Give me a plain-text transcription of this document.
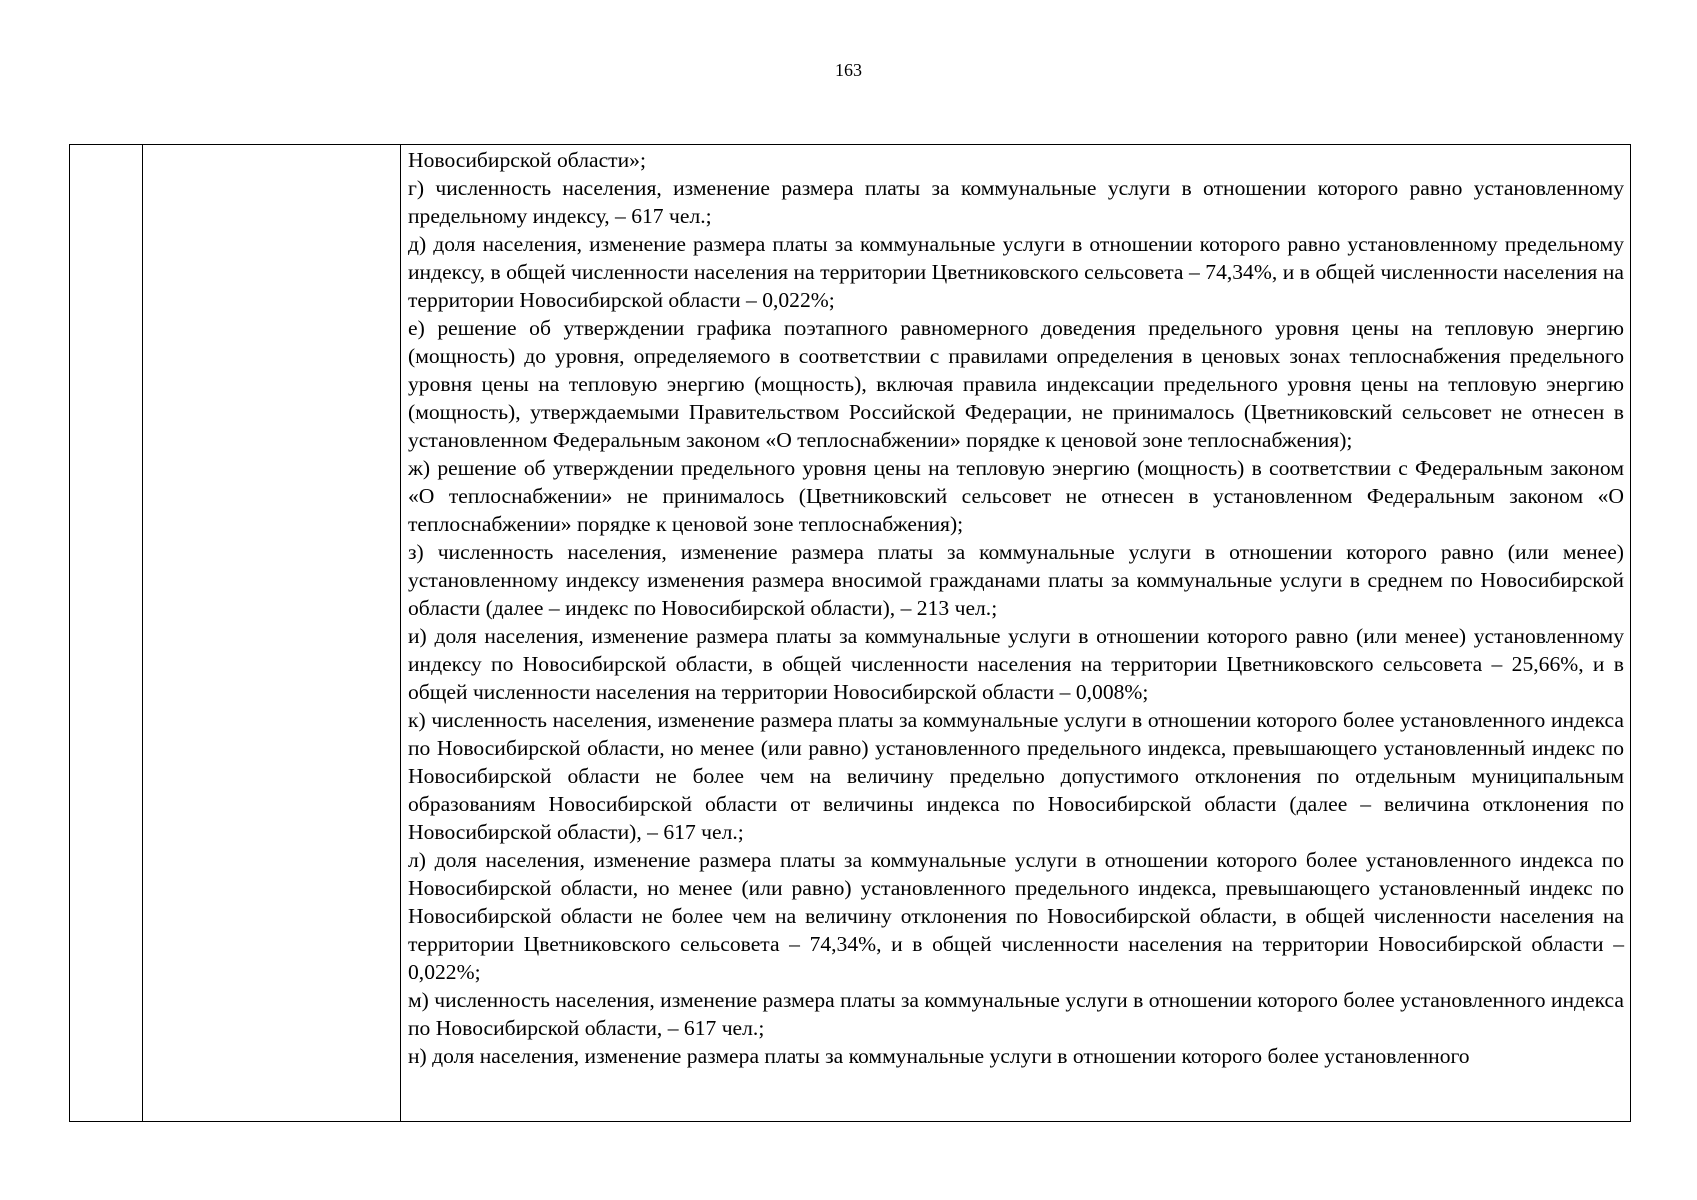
163

Новосибирской области»;

г) численность населения, изменение размера платы за коммунальные услуги в отношении которого равно установленному предельному индексу, – 617 чел.;

д) доля населения, изменение размера платы за коммунальные услуги в отношении которого равно установленному предельному индексу, в общей численности населения на территории Цветниковского сельсовета – 74,34%, и в общей численности населения на территории Новосибирской области – 0,022%;

е) решение об утверждении графика поэтапного равномерного доведения предельного уровня цены на тепловую энергию (мощность) до уровня, определяемого в соответствии с правилами определения в ценовых зонах теплоснабжения предельного уровня цены на тепловую энергию (мощность), включая правила индексации предельного уровня цены на тепловую энергию (мощность), утверждаемыми Правительством Российской Федерации, не принималось (Цветниковский сельсовет не отнесен в установленном Федеральным законом «О теплоснабжении» порядке к ценовой зоне теплоснабжения);

ж) решение об утверждении предельного уровня цены на тепловую энергию (мощность) в соответствии с Федеральным законом «О теплоснабжении» не принималось (Цветниковский сельсовет не отнесен в установленном Федеральным законом «О теплоснабжении» порядке к ценовой зоне теплоснабжения);

з) численность населения, изменение размера платы за коммунальные услуги в отношении которого равно (или менее) установленному индексу изменения размера вносимой гражданами платы за коммунальные услуги в среднем по Новосибирской области (далее – индекс по Новосибирской области), – 213 чел.;

и) доля населения, изменение размера платы за коммунальные услуги в отношении которого равно (или менее) установленному индексу по Новосибирской области, в общей численности населения на территории Цветниковского сельсовета – 25,66%, и в общей численности населения на территории Новосибирской области – 0,008%;

к) численность населения, изменение размера платы за коммунальные услуги в отношении которого более установленного индекса по Новосибирской области, но менее (или равно) установленного предельного индекса, превышающего установленный индекс по Новосибирской области не более чем на величину предельно допустимого отклонения по отдельным муниципальным образованиям Новосибирской области от величины индекса по Новосибирской области (далее – величина отклонения по Новосибирской области), – 617 чел.;

л) доля населения, изменение размера платы за коммунальные услуги в отношении которого более установленного индекса по Новосибирской области, но менее (или равно) установленного предельного индекса, превышающего установленный индекс по Новосибирской области не более чем на величину отклонения по Новосибирской области, в общей численности населения на территории Цветниковского сельсовета – 74,34%, и в общей численности населения на территории Новосибирской области – 0,022%;

м) численность населения, изменение размера платы за коммунальные услуги в отношении которого более установленного индекса по Новосибирской области, – 617 чел.;

н) доля населения, изменение размера платы за коммунальные услуги в отношении которого более установленного
